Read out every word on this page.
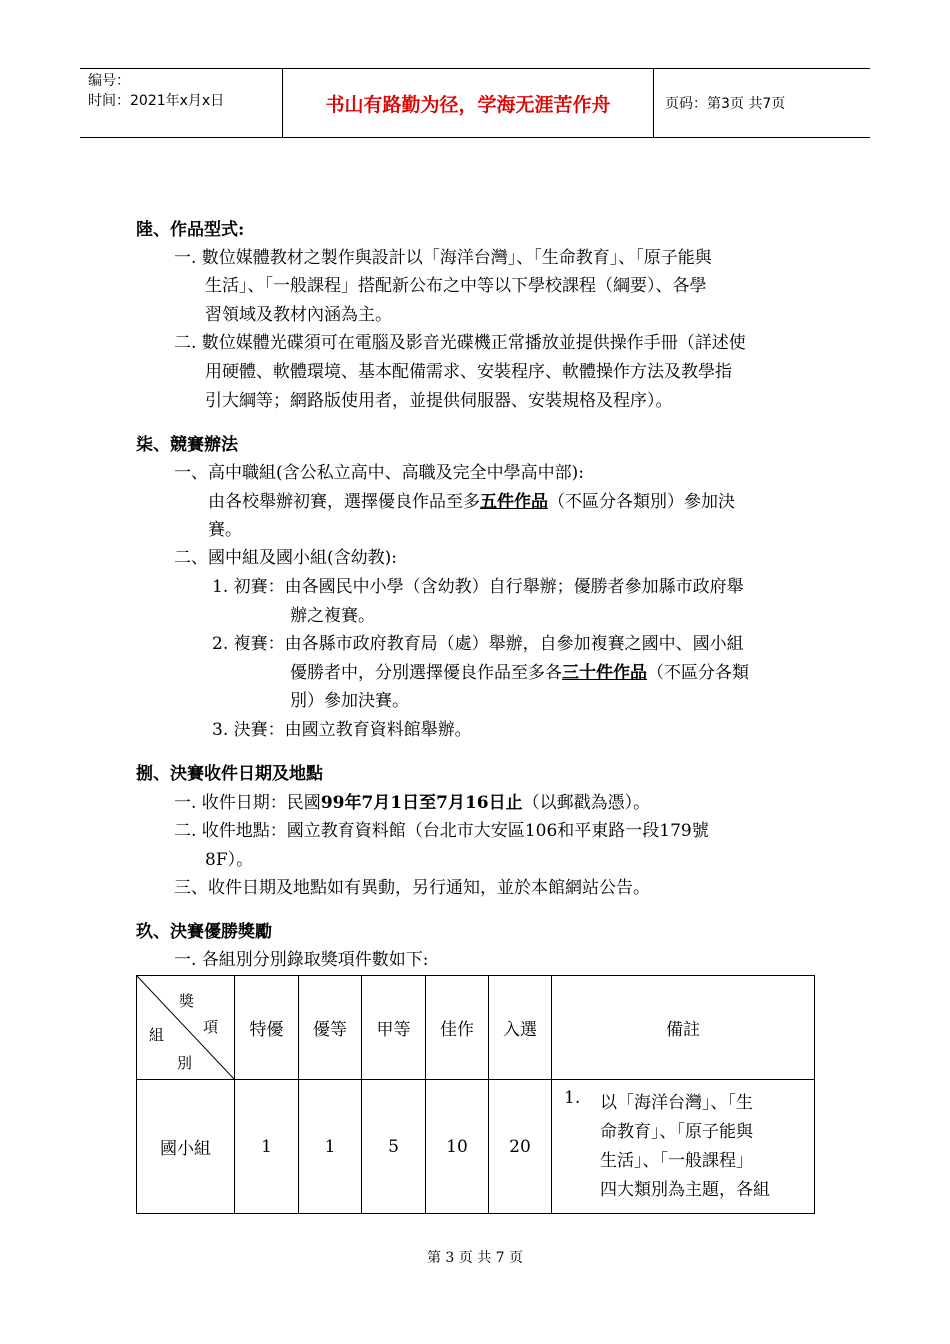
编号：
时间：2021年x月x日	书山有路勤为径，学海无涯苦作舟	页码：第3页 共7页
陸、作品型式:
一. 數位媒體教材之製作與設計以「海洋台灣」、「生命教育」、「原子能與
生活」、「一般課程」搭配新公布之中等以下學校課程（綱要）、各學
習領域及教材內涵為主。
二. 數位媒體光碟須可在電腦及影音光碟機正常播放並提供操作手冊（詳述使
用硬體、軟體環境、基本配備需求、安裝程序、軟體操作方法及教學指
引大綱等；網路版使用者，並提供伺服器、安裝規格及程序）。
柒、競賽辦法
一、高中職組(含公私立高中、高職及完全中學高中部):
由各校舉辦初賽，選擇優良作品至多五件作品（不區分各類別）參加決
賽。
二、國中組及國小組(含幼教):
1. 初賽：由各國民中小學（含幼教）自行舉辦；優勝者參加縣市政府舉
辦之複賽。
2. 複賽：由各縣市政府教育局（處）舉辦，自參加複賽之國中、國小組
優勝者中，分別選擇優良作品至多各三十件作品（不區分各類
別）參加決賽。
3. 決賽：由國立教育資料館舉辦。
捌、決賽收件日期及地點
一. 收件日期：民國99年7月1日至7月16日止（以郵戳為憑）。
二. 收件地點：國立教育資料館（台北市大安區106和平東路一段179號
8F）。
三、收件日期及地點如有異動，另行通知，並於本館網站公告。
玖、決賽優勝獎勵
一. 各組別分別錄取獎項件數如下:
獎
項
組
別
特優	優等	甲等	佳作	入選	備註
國小組	1	1	5	10	20
1. 以「海洋台灣」、「生
命教育」、「原子能與
生活」、「一般課程」
四大類別為主題，各組
第 3 页 共 7 页
